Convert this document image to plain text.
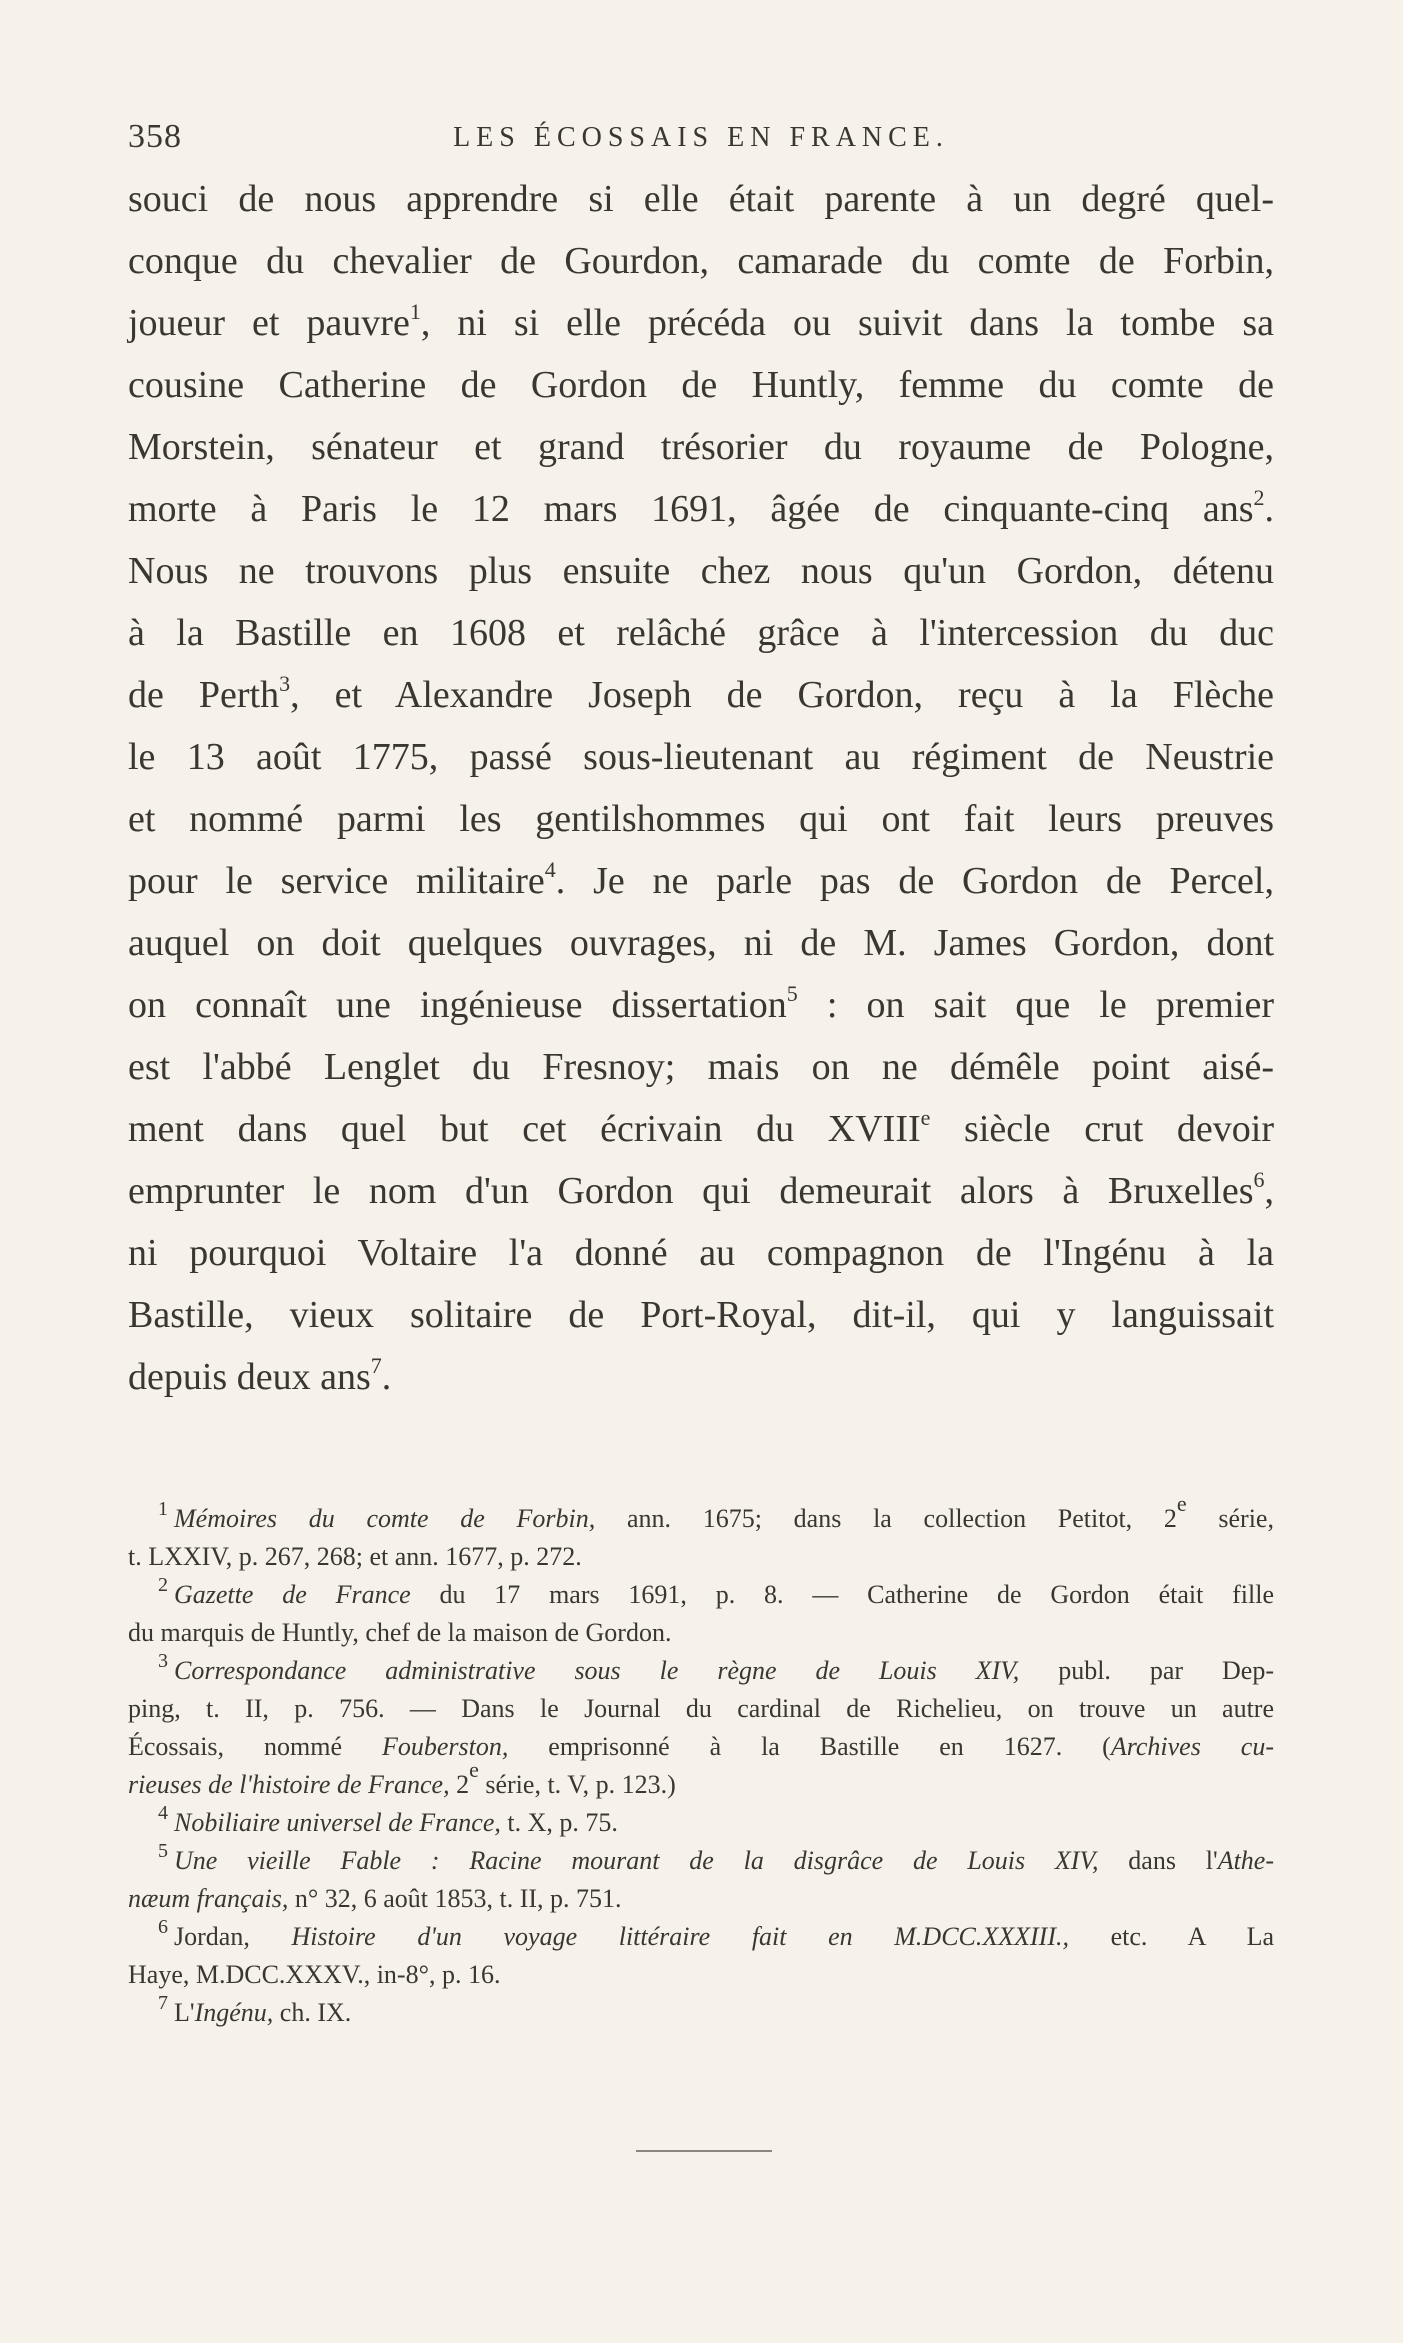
358	LES ÉCOSSAIS EN FRANCE.
souci de nous apprendre si elle était parente à un degré quel-
conque du chevalier de Gourdon, camarade du comte de Forbin,
joueur et pauvre$^1$, ni si elle précéda ou suivit dans la tombe sa
cousine Catherine de Gordon de Huntly, femme du comte de
Morstein, sénateur et grand trésorier du royaume de Pologne,
morte à Paris le 12 mars 1691, âgée de cinquante-cinq ans$^2$.
Nous ne trouvons plus ensuite chez nous qu'un Gordon, détenu
à la Bastille en 1608 et relâché grâce à l'intercession du duc
de Perth$^3$, et Alexandre Joseph de Gordon, reçu à la Flèche
le 13 août 1775, passé sous-lieutenant au régiment de Neustrie
et nommé parmi les gentilshommes qui ont fait leurs preuves
pour le service militaire$^4$. Je ne parle pas de Gordon de Percel,
auquel on doit quelques ouvrages, ni de M. James Gordon, dont
on connaît une ingénieuse dissertation$^5$ : on sait que le premier
est l'abbé Lenglet du Fresnoy; mais on ne démêle point aisé-
ment dans quel but cet écrivain du XVIIIe siècle crut devoir
emprunter le nom d'un Gordon qui demeurait alors à Bruxelles$^6$,
ni pourquoi Voltaire l'a donné au compagnon de l'Ingénu à la
Bastille, vieux solitaire de Port-Royal, dit-il, qui y languissait
depuis deux ans$^7$.
$^1$ Mémoires du comte de Forbin, ann. 1675; dans la collection Petitot, 2e série,
t. LXXIV, p. 267, 268; et ann. 1677, p. 272.
$^2$ Gazette de France du 17 mars 1691, p. 8. — Catherine de Gordon était fille
du marquis de Huntly, chef de la maison de Gordon.
$^3$ Correspondance administrative sous le règne de Louis XIV, publ. par Dep-
ping, t. II, p. 756. — Dans le Journal du cardinal de Richelieu, on trouve un autre
Écossais, nommé Fouberston, emprisonné à la Bastille en 1627. (Archives cu-
rieuses de l'histoire de France, 2e série, t. V, p. 123.)
$^4$ Nobiliaire universel de France, t. X, p. 75.
$^5$ Une vieille Fable : Racine mourant de la disgrâce de Louis XIV, dans l'Athe-
næum français, n° 32, 6 août 1853, t. II, p. 751.
$^6$ Jordan, Histoire d'un voyage littéraire fait en M.DCC.XXXIII., etc. A La
Haye, M.DCC.XXXV., in-8°, p. 16.
$^7$ L'Ingénu, ch. IX.
